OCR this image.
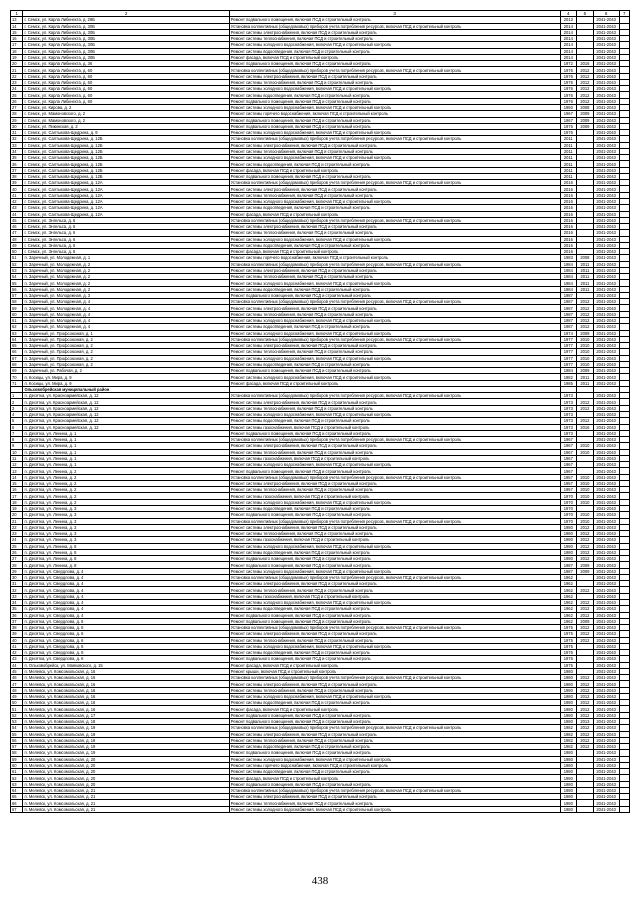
1	2	3	4	5	6	7
13	г. Семск, ул. Карла Либкнехта, д. 28Б	Ремонт подвального помещения, включая ПСД и строительный контроль	2013		2041-2043	
14	г. Семск, ул. Карла Либкнехта, д. 30Б	Установка коллективных (общедомовых) приборов учета потребления ресурсов, включая ПСД и строительный контроль	2014		2041-2043	
15	г. Семск, ул. Карла Либкнехта, д. 30Б	Ремонт системы электроснабжения, включая ПСД и строительный контроль	2014		2041-2043	
16	г. Семск, ул. Карла Либкнехта, д. 30Б	Ремонт системы теплоснабжения, включая ПСД и строительный контроль	2014		2041-2043	
17	г. Семск, ул. Карла Либкнехта, д. 30Б	Ремонт системы холодного водоснабжения, включая ПСД и строительный контроль	2014		2041-2043	
18	г. Семск, ул. Карла Либкнехта, д. 30Б	Ремонт системы водоотведения, включая ПСД и строительный контроль	2014		2041-2043	
19	г. Семск, ул. Карла Либкнехта, д. 30Б	Ремонт фасада, включая ПСД и строительный контроль	2014		2041-2043	
20	г. Семск, ул. Карла Либкнехта, д. 36	Ремонт подвального помещения, включая ПСД и строительный контроль	1972	2016	2041-2043	
21	г. Семск, ул. Карла Либкнехта, д. 60	Установка коллективных (общедомовых) приборов учета потребления ресурсов, включая ПСД и строительный контроль	1976	2012	2041-2043	
22	г. Семск, ул. Карла Либкнехта, д. 60	Ремонт системы электроснабжения, включая ПСД и строительный контроль	1976	2012	2041-2043	
23	г. Семск, ул. Карла Либкнехта, д. 60	Ремонт системы теплоснабжения, включая ПСД и строительный контроль	1976	2012	2041-2043	
24	г. Семск, ул. Карла Либкнехта, д. 60	Ремонт системы холодного водоснабжения, включая ПСД и строительный контроль	1976	2012	2041-2043	
25	г. Семск, ул. Карла Либкнехта, д. 60	Ремонт системы водоотведения, включая ПСД и строительный контроль	1976	2012	2041-2043	
26	г. Семск, ул. Карла Либкнехта, д. 60	Ремонт подвального помещения, включая ПСД и строительный контроль	1976	2012	2041-2043	
27	г. Семск, ул. Кирова, д. 2	Ремонт системы холодного водоснабжения, включая ПСД и строительный контроль	1950	2008	2041-2043	
28	г. Семск, ул. Мамоновского, д. 2	Ремонт системы горячего водоснабжения, включая ПСД и строительный контроль	1967	2009	2041-2043	
29	г. Семск, ул. Мамоновского, д. 2	Ремонт подвального помещения, включая ПСД и строительный контроль	1967	2009	2041-2043	
30	г. Семск, ул. Пикинская, д. 2	Ремонт подвального помещения, включая ПСД и строительный контроль	1975	2009	2041-2043	
31	г. Семск, ул. Салтыкова-Щедрина, д. 9	Ремонт системы холодного водоснабжения, включая ПСД и строительный контроль	1975		2041-2043	
32	г. Семск, ул. Салтыкова-Щедрина, д. 12Б	Установка коллективных (общедомовых) приборов учета потребления ресурсов, включая ПСД и строительный контроль	2011		2041-2043	
33	г. Семск, ул. Салтыкова-Щедрина, д. 12Б	Ремонт системы электроснабжения, включая ПСД и строительный контроль	2011		2041-2043	
34	г. Семск, ул. Салтыкова-Щедрина, д. 12Б	Ремонт системы теплоснабжения, включая ПСД и строительный контроль	2011		2041-2043	
35	г. Семск, ул. Салтыкова-Щедрина, д. 12Б	Ремонт системы холодного водоснабжения, включая ПСД и строительный контроль	2011		2041-2043	
36	г. Семск, ул. Салтыкова-Щедрина, д. 12Б	Ремонт системы водоотведения, включая ПСД и строительный контроль	2011		2041-2043	
37	г. Семск, ул. Салтыкова-Щедрина, д. 12Б	Ремонт фасада, включая ПСД и строительный контроль	2011		2041-2043	
38	г. Семск, ул. Салтыкова-Щедрина, д. 12Б	Ремонт подвального помещения, включая ПСД и строительный контроль	2011		2041-2043	
39	г. Семск, ул. Салтыкова-Щедрина, д. 12А	Установка коллективных (общедомовых) приборов учета потребления ресурсов, включая ПСД и строительный контроль	2016		2041-2043	
40	г. Семск, ул. Салтыкова-Щедрина, д. 12А	Ремонт системы электроснабжения, включая ПСД и строительный контроль	2016		2041-2043	
41	г. Семск, ул. Салтыкова-Щедрина, д. 12А	Ремонт системы теплоснабжения, включая ПСД и строительный контроль	2016		2041-2043	
42	г. Семск, ул. Салтыкова-Щедрина, д. 12А	Ремонт системы холодного водоснабжения, включая ПСД и строительный контроль	2016		2041-2043	
43	г. Семск, ул. Салтыкова-Щедрина, д. 12А	Ремонт системы водоотведения, включая ПСД и строительный контроль	2016		2041-2043	
44	г. Семск, ул. Салтыкова-Щедрина, д. 12А	Ремонт фасада, включая ПСД и строительный контроль	2016		2041-2043	
45	г. Семск, ул. Энгельса, д. 6	Установка коллективных (общедомовых) приборов учета потребления ресурсов, включая ПСД и строительный контроль	2016		2041-2043	
46	г. Семск, ул. Энгельса, д. 6	Ремонт системы электроснабжения, включая ПСД и строительный контроль	2016		2041-2043	
47	г. Семск, ул. Энгельса, д. 6	Ремонт системы теплоснабжения, включая ПСД и строительный контроль	2016		2041-2043	
48	г. Семск, ул. Энгельса, д. 6	Ремонт системы холодного водоснабжения, включая ПСД и строительный контроль	2016		2041-2043	
49	г. Семск, ул. Энгельса, д. 6	Ремонт системы водоотведения, включая ПСД и строительный контроль	2016		2041-2043	
50	г. Семск, ул. Энгельса, д. 6	Ремонт фасада, включая ПСД и строительный контроль	2016		2041-2043	
51	п. Заречный, ул. Молодежная, д. 1	Ремонт системы горячего водоснабжения, включая ПСД и строительный контроль	1983	2008	2041-2043	
52	п. Заречный, ул. Молодежная, д. 2	Установка коллективных (общедомовых) приборов учета потребления ресурсов, включая ПСД и строительный контроль	1984	2011	2041-2043	
53	п. Заречный, ул. Молодежная, д. 2	Ремонт системы электроснабжения, включая ПСД и строительный контроль	1984	2011	2041-2043	
54	п. Заречный, ул. Молодежная, д. 2	Ремонт системы теплоснабжения, включая ПСД и строительный контроль	1984	2011	2041-2043	
55	п. Заречный, ул. Молодежная, д. 2	Ремонт системы холодного водоснабжения, включая ПСД и строительный контроль	1984	2011	2041-2043	
56	п. Заречный, ул. Молодежная, д. 2	Ремонт системы водоотведения, включая ПСД и строительный контроль	1984	2011	2041-2043	
57	п. Заречный, ул. Молодежная, д. 3	Ремонт подвального помещения, включая ПСД и строительный контроль	1987		2041-2043	
58	п. Заречный, ул. Молодежная, д. 4	Установка коллективных (общедомовых) приборов учета потребления ресурсов, включая ПСД и строительный контроль	1987	2012	2041-2043	
59	п. Заречный, ул. Молодежная, д. 4	Ремонт системы электроснабжения, включая ПСД и строительный контроль	1987	2012	2041-2043	
60	п. Заречный, ул. Молодежная, д. 4	Ремонт системы теплоснабжения, включая ПСД и строительный контроль	1987	2012	2041-2043	
61	п. Заречный, ул. Молодежная, д. 4	Ремонт системы холодного водоснабжения, включая ПСД и строительный контроль	1987	2012	2041-2043	
62	п. Заречный, ул. Молодежная, д. 4	Ремонт системы водоотведения, включая ПСД и строительный контроль	1987	2012	2041-2043	
63	п. Заречный, ул. Профсоюзная, д. 1	Ремонт системы холодного водоснабжения, включая ПСД и строительный контроль	1974	2009	2041-2043	
64	п. Заречный, ул. Профсоюзная, д. 2	Установка коллективных (общедомовых) приборов учета потребления ресурсов, включая ПСД и строительный контроль	1977	2010	2041-2043	
65	п. Заречный, ул. Профсоюзная, д. 2	Ремонт системы электроснабжения, включая ПСД и строительный контроль	1977	2010	2041-2043	
66	п. Заречный, ул. Профсоюзная, д. 2	Ремонт системы теплоснабжения, включая ПСД и строительный контроль	1977	2010	2041-2043	
67	п. Заречный, ул. Профсоюзная, д. 2	Ремонт системы холодного водоснабжения, включая ПСД и строительный контроль	1977	2010	2041-2043	
68	п. Заречный, ул. Профсоюзная, д. 2	Ремонт системы водоотведения, включая ПСД и строительный контроль	1977	2010	2041-2043	
69	п. Заречный, ул. Рабочая, д. 2	Ремонт подвального помещения, включая ПСД и строительный контроль	1984	2009	2041-2043	
70	п. Косицы, ул. Мира, д. 9	Ремонт системы холодного водоснабжения, включая ПСД и строительный контроль	1982	2011	2041-2043	
71	п. Косицы, ул. Мира, д. 9	Ремонт фасада, включая ПСД и строительный контроль	1985	2011	2041-2043	
	Ольховобрейская муниципальный район					
1	п. Десятка, ул. Красноармейская, д. 12	Установка коллективных (общедомовых) приборов учета потребления ресурсов, включая ПСД и строительный контроль	1973		2041-2043	
2	п. Десятка, ул. Красноармейская, д. 12	Ремонт системы электроснабжения, включая ПСД и строительный контроль	1973	2012	2041-2043	
3	п. Десятка, ул. Красноармейская, д. 12	Ремонт системы теплоснабжения, включая ПСД и строительный контроль	1973	2012	2041-2043	
4	п. Десятка, ул. Красноармейская, д. 12	Ремонт системы холодного водоснабжения, включая ПСД и строительный контроль	1973		2041-2043	
5	п. Десятка, ул. Красноармейская, д. 12	Ремонт системы водоотведения, включая ПСД и строительный контроль	1973	2012	2041-2043	
6	п. Десятка, ул. Красноармейская, д. 12	Ремонт системы газоснабжения, включая ПСД и строительный контроль	1973	2016	2041-2043	
7	п. Десятка, ул. Ленина, д. 1	Ремонт подвального помещения, включая ПСД и строительный контроль	1973		2041-2043	
8	п. Десятка, ул. Ленина, д. 1	Установка коллективных (общедомовых) приборов учета потребления ресурсов, включая ПСД и строительный контроль	1967		2041-2043	
9	п. Десятка, ул. Ленина, д. 1	Ремонт системы электроснабжения, включая ПСД и строительный контроль	1967	2010	2041-2043	
10	п. Десятка, ул. Ленина, д. 1	Ремонт системы теплоснабжения, включая ПСД и строительный контроль	1967	2010	2041-2043	
11	п. Десятка, ул. Ленина, д. 1	Ремонт системы газоснабжения, включая ПСД и строительный контроль	1967		2041-2043	
12	п. Десятка, ул. Ленина, д. 1	Ремонт системы холодного водоснабжения, включая ПСД и строительный контроль	1967		2041-2043	
13	п. Десятка, ул. Ленина, д. 2	Ремонт подвального помещения, включая ПСД и строительный контроль	1967		2041-2043	
14	п. Десятка, ул. Ленина, д. 2	Установка коллективных (общедомовых) приборов учета потребления ресурсов, включая ПСД и строительный контроль	1957	2010	2041-2043	
15	п. Десятка, ул. Ленина, д. 2	Ремонт системы электроснабжения, включая ПСД и строительный контроль	1957	2010	2041-2043	
16	п. Десятка, ул. Ленина, д. 2	Ремонт системы теплоснабжения, включая ПСД и строительный контроль	1957	2010	2041-2043	
17	п. Десятка, ул. Ленина, д. 2	Ремонт системы газоснабжения, включая ПСД и строительный контроль	1970	2010	2041-2043	
18	п. Десятка, ул. Ленина, д. 2	Ремонт системы холодного водоснабжения, включая ПСД и строительный контроль	1970	2010	2041-2043	
19	п. Десятка, ул. Ленина, д. 3	Ремонт системы водоотведения, включая ПСД и строительный контроль	1970		2041-2043	
20	п. Десятка, ул. Ленина, д. 3	Ремонт подвального помещения, включая ПСД и строительный контроль	1970	2010	2041-2043	
21	п. Десятка, ул. Ленина, д. 3	Установка коллективных (общедомовых) приборов учета потребления ресурсов, включая ПСД и строительный контроль	1970	2010	2041-2043	
22	п. Десятка, ул. Ленина, д. 3	Ремонт системы электроснабжения, включая ПСД и строительный контроль	1980	2012	2041-2043	
23	п. Десятка, ул. Ленина, д. 3	Ремонт системы теплоснабжения, включая ПСД и строительный контроль	1980	2012	2041-2043	
24	п. Десятка, ул. Ленина, д. 3	Ремонт системы газоснабжения, включая ПСД и строительный контроль	1980	2012	2041-2043	
25	п. Десятка, ул. Ленина, д. 8	Ремонт системы холодного водоснабжения, включая ПСД и строительный контроль	1980	2012	2041-2043	
26	п. Десятка, ул. Ленина, д. 8	Ремонт системы водоотведения, включая ПСД и строительный контроль	1980	2012	2041-2043	
27	п. Десятка, ул. Ленина, д. 8	Ремонт подвального помещения, включая ПСД и строительный контроль	1980	2012	2041-2043	
28	п. Десятка, ул. Ленина, д. 8	Ремонт подвального помещения, включая ПСД и строительный контроль	1987	2009	2041-2043	
29	п. Десятка, ул. Свердлова, д. 4	Ремонт системы холодного водоснабжения, включая ПСД и строительный контроль	1987	2009	2041-2043	
30	п. Десятка, ул. Свердлова, д. 4	Установка коллективных (общедомовых) приборов учета потребления ресурсов, включая ПСД и строительный контроль	1962		2041-2043	
31	п. Десятка, ул. Свердлова, д. 4	Ремонт системы электроснабжения, включая ПСД и строительный контроль	1962		2041-2043	
32	п. Десятка, ул. Свердлова, д. 4	Ремонт системы теплоснабжения, включая ПСД и строительный контроль	1962	2012	2041-2043	
33	п. Десятка, ул. Свердлова, д. 4	Ремонт системы газоснабжения, включая ПСД и строительный контроль	1962		2041-2043	
34	п. Десятка, ул. Свердлова, д. 4	Ремонт системы холодного водоснабжения, включая ПСД и строительный контроль	1962	2012	2041-2043	
35	п. Десятка, ул. Свердлова, д. 4	Ремонт системы водоотведения, включая ПСД и строительный контроль	1962	2012	2041-2043	
36	п. Десятка, ул. Свердлова, д. 4	Ремонт подвального помещения, включая ПСД и строительный контроль	1962	2012	2041-2043	
37	п. Десятка, ул. Свердлова, д. 6	Ремонт подвального помещения, включая ПСД и строительный контроль	1962	2009	2041-2043	
38	п. Десятка, ул. Свердлова, д. 6	Установка коллективных (общедомовых) приборов учета потребления ресурсов, включая ПСД и строительный контроль	1975	2012	2041-2043	
39	п. Десятка, ул. Свердлова, д. 6	Ремонт системы электроснабжения, включая ПСД и строительный контроль	1975	2012	2041-2043	
40	п. Десятка, ул. Свердлова, д. 6	Ремонт системы теплоснабжения, включая ПСД и строительный контроль	1975	2012	2041-2043	
41	п. Десятка, ул. Свердлова, д. 6	Ремонт системы холодного водоснабжения, включая ПСД и строительный контроль	1975		2041-2043	
42	п. Десятка, ул. Свердлова, д. 6	Ремонт системы водоотведения, включая ПСД и строительный контроль	1975		2041-2043	
43	п. Десятка, ул. Свердлова, д. 6	Ремонт подвального помещения, включая ПСД и строительный контроль	1975		2041-2043	
44	п. Ольховобрейск, ул. Маяковского, д. 15	Ремонт фасада, включая ПСД и строительный контроль	1975		2041-2043	
45	п. Мелевск, ул. Комсомольская, д. 16	Ремонт крыши, включая ПСД и строительный контроль	1980		2041-2043	
46	п. Мелевск, ул. Комсомольская, д. 16	Установка коллективных (общедомовых) приборов учета потребления ресурсов, включая ПСД и строительный контроль	1980	2012	2041-2043	
47	п. Мелевск, ул. Комсомольская, д. 16	Ремонт системы электроснабжения, включая ПСД и строительный контроль	1980	2012	2041-2043	
48	п. Мелевск, ул. Комсомольская, д. 16	Ремонт системы теплоснабжения, включая ПСД и строительный контроль	1980	2012	2041-2043	
49	п. Мелевск, ул. Комсомольская, д. 16	Ремонт системы холодного водоснабжения, включая ПСД и строительный контроль	1980	2012	2041-2043	
50	п. Мелевск, ул. Комсомольская, д. 16	Ремонт системы водоотведения, включая ПСД и строительный контроль	1980	2012	2041-2043	
51	п. Мелевск, ул. Комсомольская, д. 16	Ремонт фасада, включая ПСД и строительный контроль	1980	2012	2041-2043	
52	п. Мелевск, ул. Комсомольская, д. 17	Ремонт подвального помещения, включая ПСД и строительный контроль	1980	2012	2041-2043	
53	п. Мелевск, ул. Комсомольская, д. 18	Ремонт подвального помещения, включая ПСД и строительный контроль	1980	2013	2041-2043	
54	п. Мелевск, ул. Комсомольская, д. 19	Установка коллективных (общедомовых) приборов учета потребления ресурсов, включая ПСД и строительный контроль	1982	2012	2041-2043	
55	п. Мелевск, ул. Комсомольская, д. 19	Ремонт системы электроснабжения, включая ПСД и строительный контроль	1982	2012	2041-2043	
56	п. Мелевск, ул. Комсомольская, д. 19	Ремонт системы теплоснабжения, включая ПСД и строительный контроль	1982	2012	2041-2043	
57	п. Мелевск, ул. Комсомольская, д. 19	Ремонт системы водоотведения, включая ПСД и строительный контроль	1982	2012	2041-2043	
58	п. Мелевск, ул. Комсомольская, д. 19	Ремонт подвального помещения, включая ПСД и строительный контроль	1980		2041-2043	
59	п. Мелевск, ул. Комсомольская, д. 20	Ремонт системы холодного водоснабжения, включая ПСД и строительный контроль	1980		2041-2043	
60	п. Мелевск, ул. Комсомольская, д. 20	Ремонт системы горячего водоснабжения, включая ПСД и строительный контроль	1980		2041-2043	
61	п. Мелевск, ул. Комсомольская, д. 20	Ремонт системы водоотведения, включая ПСД и строительный контроль	1980		2041-2043	
62	п. Мелевск, ул. Комсомольская, д. 20	Ремонт фасада, включая ПСД и строительный контроль	1980		2041-2043	
63	п. Мелевск, ул. Комсомольская, д. 20	Ремонт подвального помещения, включая ПСД и строительный контроль	1980		2041-2043	
64	п. Мелевск, ул. Комсомольская, д. 21	Установка коллективных (общедомовых) приборов учета потребления ресурсов, включая ПСД и строительный контроль	1980		2041-2043	
65	п. Мелевск, ул. Комсомольская, д. 21	Ремонт системы электроснабжения, включая ПСД и строительный контроль	1980		2041-2043	
66	п. Мелевск, ул. Комсомольская, д. 21	Ремонт системы теплоснабжения, включая ПСД и строительный контроль	1980		2041-2043	
67	п. Мелевск, ул. Комсомольская, д. 21	Ремонт системы холодного водоснабжения, включая ПСД и строительный контроль	1980		2041-2043	
438
